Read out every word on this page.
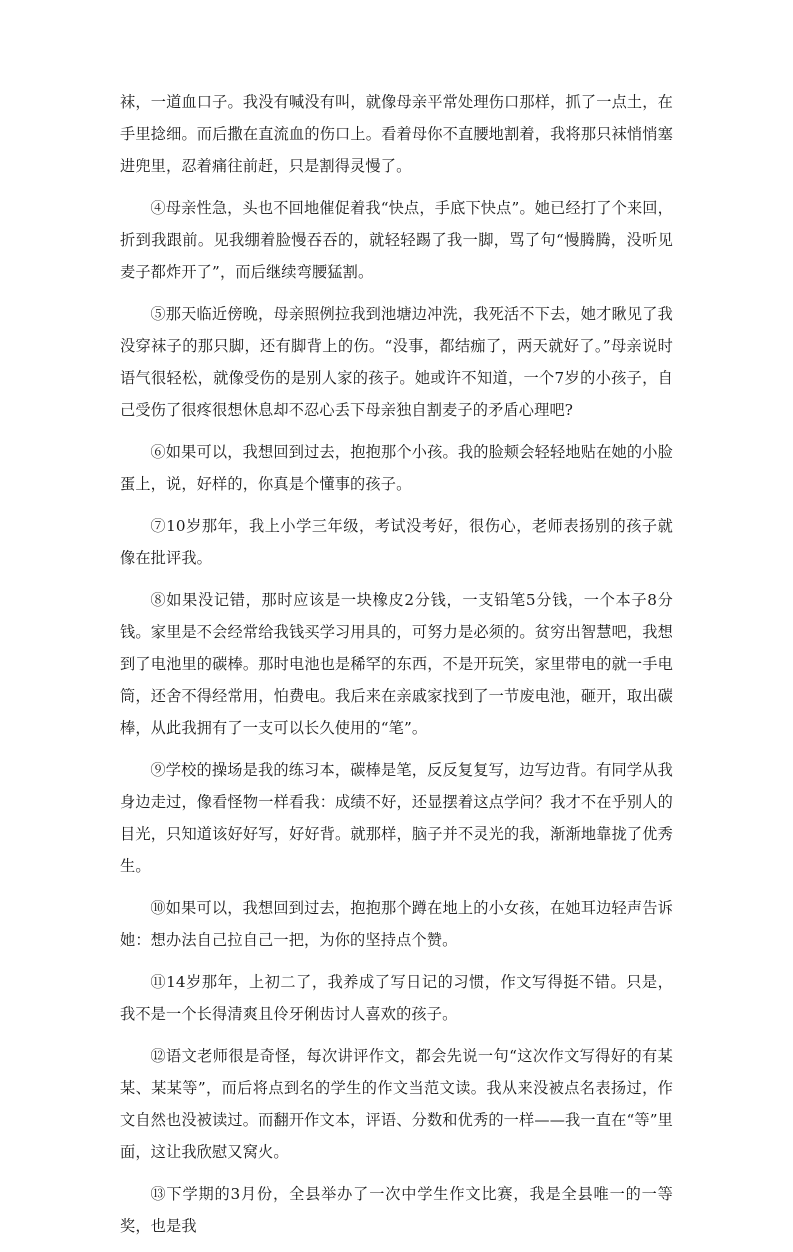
袜，一道血口子。我没有喊没有叫，就像母亲平常处理伤口那样，抓了一点土，在手里捻细。而后撒在直流血的伤口上。看着母你不直腰地割着，我将那只袜悄悄塞进兜里，忍着痛往前赶，只是割得灵慢了。

④母亲性急，头也不回地催促着我“快点，手底下快点”。她已经打了个来回，折到我跟前。见我绷着脸慢吞吞的，就轻轻踢了我一脚，骂了句“慢腾腾，没听见麦子都炸开了”，而后继续弯腰猛割。

⑤那天临近傍晚，母亲照例拉我到池塘边冲洗，我死活不下去，她才瞅见了我没穿袜子的那只脚，还有脚背上的伤。“没事，都结痂了，两天就好了。”母亲说时语气很轻松，就像受伤的是别人家的孩子。她或许不知道，一个7岁的小孩子，自己受伤了很疼很想休息却不忍心丢下母亲独自割麦子的矛盾心理吧?

⑥如果可以，我想回到过去，抱抱那个小孩。我的脸颊会轻轻地贴在她的小脸蛋上，说，好样的，你真是个懂事的孩子。

⑦10岁那年，我上小学三年级，考试没考好，很伤心，老师表扬别的孩子就像在批评我。

⑧如果没记错，那时应该是一块橡皮2分钱，一支铅笔5分钱，一个本子8分钱。家里是不会经常给我钱买学习用具的，可努力是必须的。贫穷出智慧吧，我想到了电池里的碳棒。那时电池也是稀罕的东西，不是开玩笑，家里带电的就一手电筒，还舍不得经常用，怕费电。我后来在亲戚家找到了一节废电池，砸开，取出碳棒，从此我拥有了一支可以长久使用的“笔”。

⑨学校的操场是我的练习本，碳棒是笔，反反复复写，边写边背。有同学从我身边走过，像看怪物一样看我：成绩不好，还显摆着这点学问？我才不在乎别人的目光，只知道该好好写，好好背。就那样，脑子并不灵光的我，渐渐地靠拢了优秀生。

⑩如果可以，我想回到过去，抱抱那个蹲在地上的小女孩，在她耳边轻声告诉她：想办法自己拉自己一把，为你的坚持点个赞。

⑪14岁那年，上初二了，我养成了写日记的习惯，作文写得挺不错。只是，我不是一个长得清爽且伶牙俐齿讨人喜欢的孩子。

⑫语文老师很是奇怪，每次讲评作文，都会先说一句“这次作文写得好的有某某、某某等”，而后将点到名的学生的作文当范文读。我从来没被点名表扬过，作文自然也没被读过。而翻开作文本，评语、分数和优秀的一样——我一直在“等”里面，这让我欣慰又窝火。

⑬下学期的3月份，全县举办了一次中学生作文比赛，我是全县唯一的一等奖，也是我
